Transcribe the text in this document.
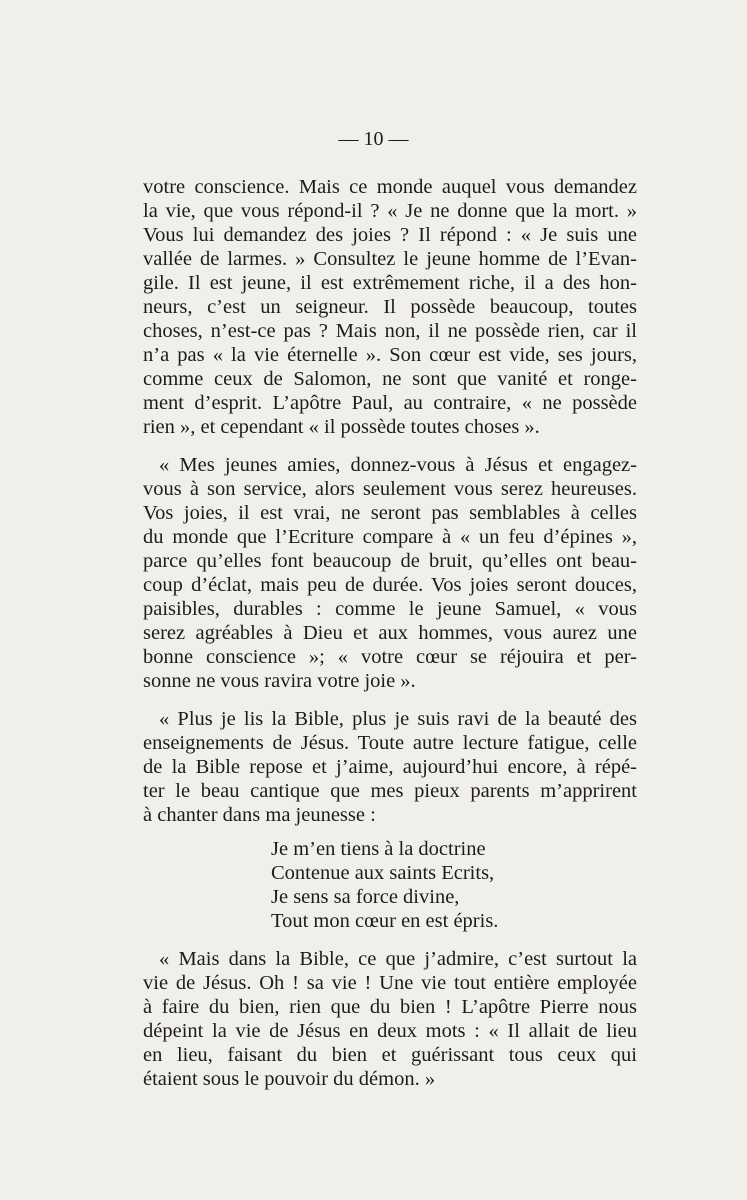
— 10 —
votre conscience. Mais ce monde auquel vous demandez
la vie, que vous répond-il ? « Je ne donne que la mort. »
Vous lui demandez des joies ? Il répond : « Je suis une
vallée de larmes. » Consultez le jeune homme de l’Evan-
gile. Il est jeune, il est extrêmement riche, il a des hon-
neurs, c’est un seigneur. Il possède beaucoup, toutes
choses, n’est-ce pas ? Mais non, il ne possède rien, car il
n’a pas « la vie éternelle ». Son cœur est vide, ses jours,
comme ceux de Salomon, ne sont que vanité et ronge-
ment d’esprit. L’apôtre Paul, au contraire, « ne possède
rien », et cependant « il possède toutes choses ».
« Mes jeunes amies, donnez-vous à Jésus et engagez-
vous à son service, alors seulement vous serez heureuses.
Vos joies, il est vrai, ne seront pas semblables à celles
du monde que l’Ecriture compare à « un feu d’épines »,
parce qu’elles font beaucoup de bruit, qu’elles ont beau-
coup d’éclat, mais peu de durée. Vos joies seront douces,
paisibles, durables : comme le jeune Samuel, « vous
serez agréables à Dieu et aux hommes, vous aurez une
bonne conscience »; « votre cœur se réjouira et per-
sonne ne vous ravira votre joie ».
« Plus je lis la Bible, plus je suis ravi de la beauté des
enseignements de Jésus. Toute autre lecture fatigue, celle
de la Bible repose et j’aime, aujourd’hui encore, à répé-
ter le beau cantique que mes pieux parents m’apprirent
à chanter dans ma jeunesse :
Je m’en tiens à la doctrine
Contenue aux saints Ecrits,
Je sens sa force divine,
Tout mon cœur en est épris.
« Mais dans la Bible, ce que j’admire, c’est surtout la
vie de Jésus. Oh ! sa vie ! Une vie tout entière employée
à faire du bien, rien que du bien ! L’apôtre Pierre nous
dépeint la vie de Jésus en deux mots : « Il allait de lieu
en lieu, faisant du bien et guérissant tous ceux qui
étaient sous le pouvoir du démon. »
